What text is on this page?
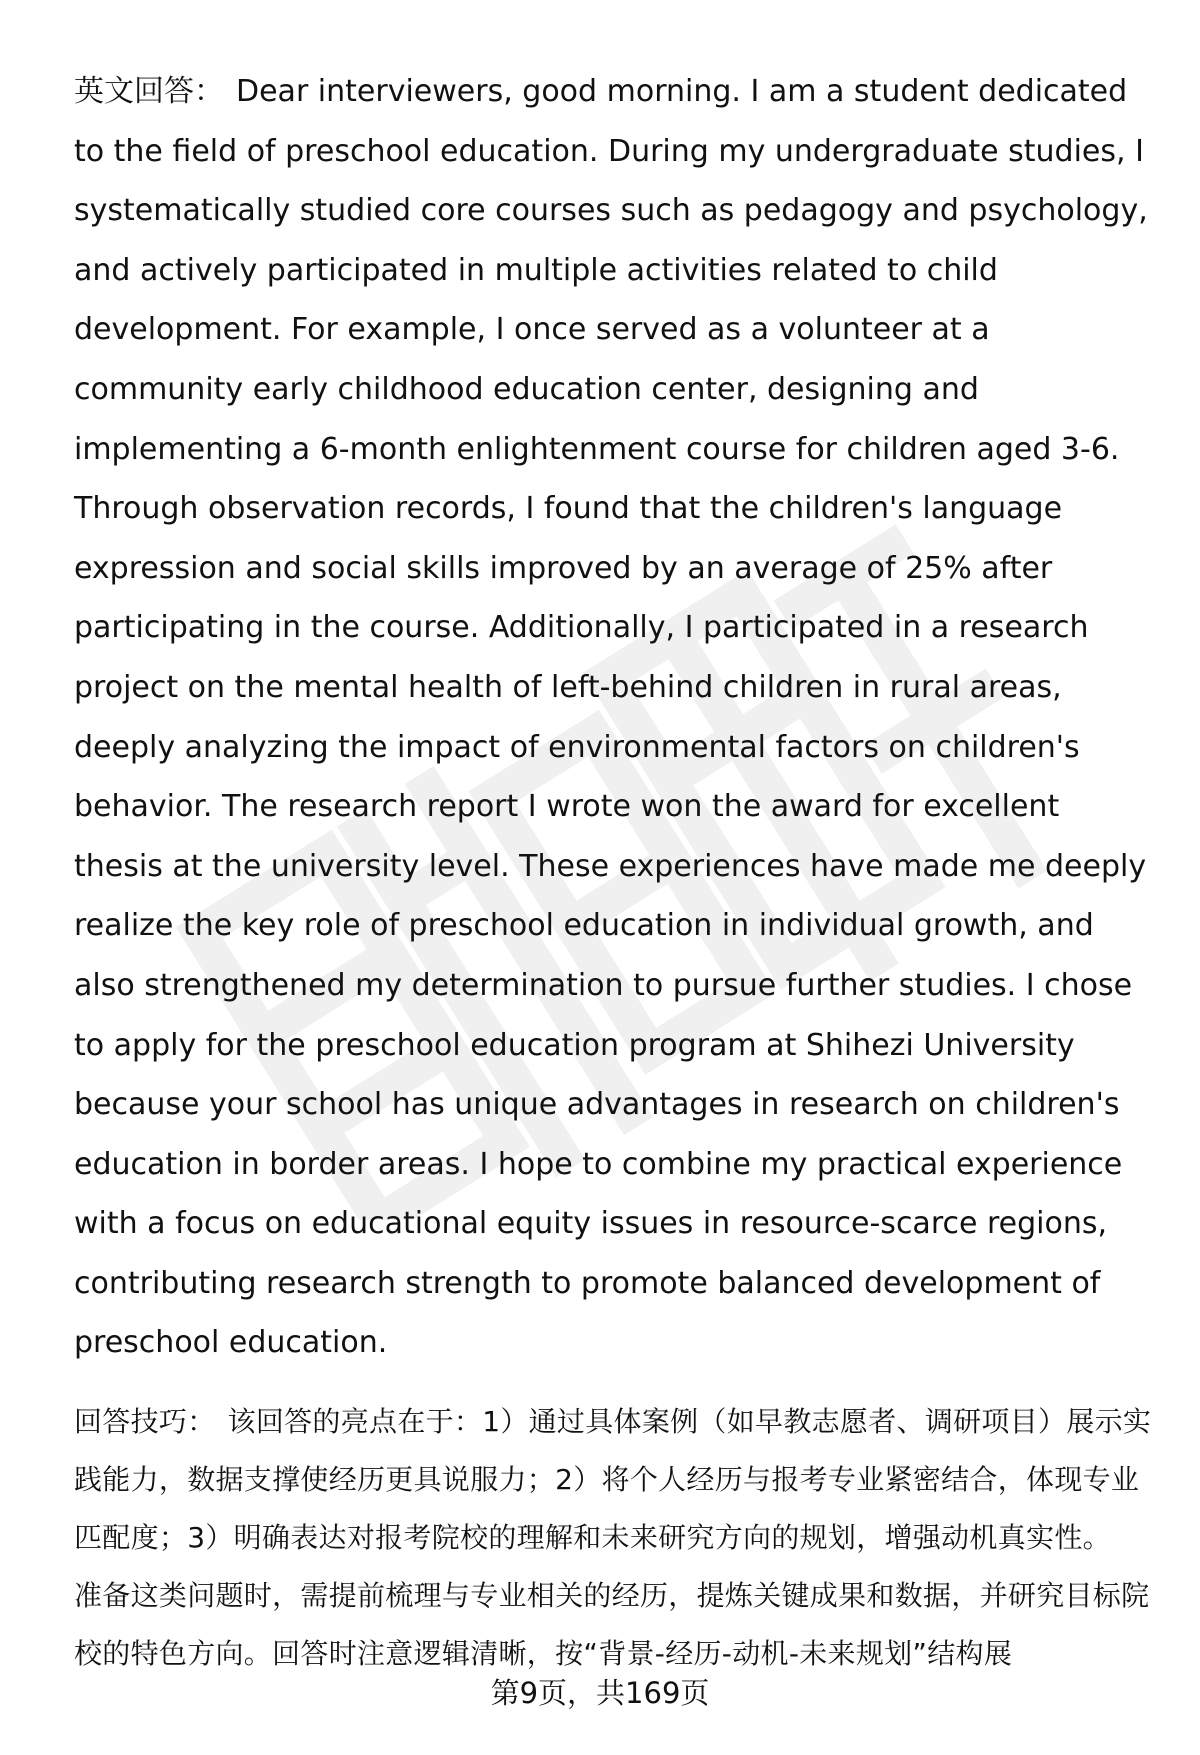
英文回答： Dear interviewers, good morning. I am a student dedicated to the field of preschool education. During my undergraduate studies, I systematically studied core courses such as pedagogy and psychology, and actively participated in multiple activities related to child development. For example, I once served as a volunteer at a community early childhood education center, designing and implementing a 6-month enlightenment course for children aged 3-6. Through observation records, I found that the children's language expression and social skills improved by an average of 25% after participating in the course. Additionally, I participated in a research project on the mental health of left-behind children in rural areas, deeply analyzing the impact of environmental factors on children's behavior. The research report I wrote won the award for excellent thesis at the university level. These experiences have made me deeply realize the key role of preschool education in individual growth, and also strengthened my determination to pursue further studies. I chose to apply for the preschool education program at Shihezi University because your school has unique advantages in research on children's education in border areas. I hope to combine my practical experience with a focus on educational equity issues in resource-scarce regions, contributing research strength to promote balanced development of preschool education.

回答技巧： 该回答的亮点在于：1）通过具体案例（如早教志愿者、调研项目）展示实践能力，数据支撑使经历更具说服力；2）将个人经历与报考专业紧密结合，体现专业匹配度；3）明确表达对报考院校的理解和未来研究方向的规划，增强动机真实性。

准备这类问题时，需提前梳理与专业相关的经历，提炼关键成果和数据，并研究目标院校的特色方向。回答时注意逻辑清晰，按“背景-经历-动机-未来规划”结构展

第9页，共169页
